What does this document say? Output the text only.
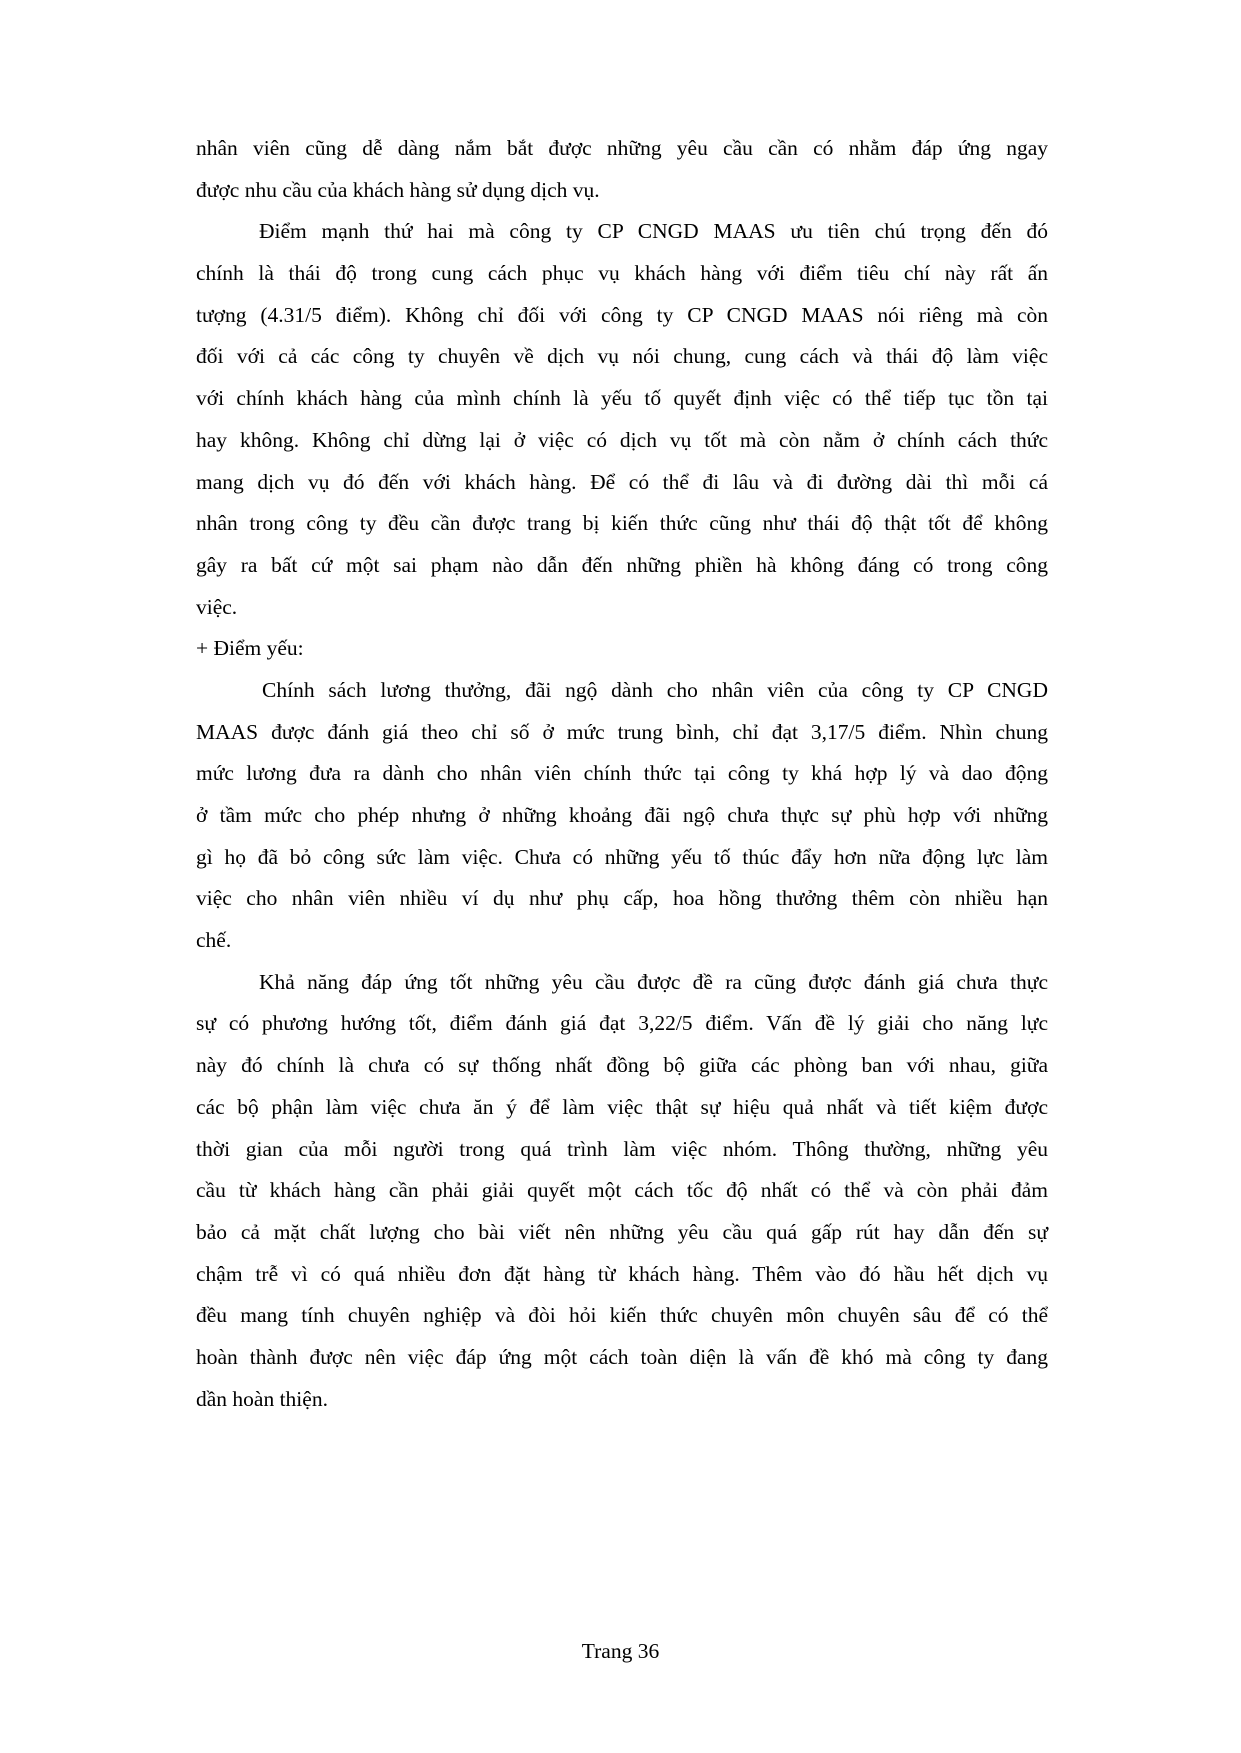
nhân viên cũng dễ dàng nắm bắt được những yêu cầu cần có nhằm đáp ứng ngay
được nhu cầu của khách hàng sử dụng dịch vụ.
Điểm mạnh thứ hai mà công ty CP CNGD MAAS ưu tiên chú trọng đến đó
chính là thái độ trong cung cách phục vụ khách hàng với điểm tiêu chí này rất ấn
tượng (4.31/5 điểm). Không chỉ đối với công ty CP CNGD MAAS nói riêng mà còn
đối với cả các công ty chuyên về dịch vụ nói chung, cung cách và thái độ làm việc
với chính khách hàng của mình chính là yếu tố quyết định việc có thể tiếp tục tồn tại
hay không. Không chỉ dừng lại ở việc có dịch vụ tốt mà còn nằm ở chính cách thức
mang dịch vụ đó đến với khách hàng. Để có thể đi lâu và đi đường dài thì mỗi cá
nhân trong công ty đều cần được trang bị kiến thức cũng như thái độ thật tốt để không
gây ra bất cứ một sai phạm nào dẫn đến những phiền hà không đáng có trong công
việc.
+ Điểm yếu:
Chính sách lương thưởng, đãi ngộ dành cho nhân viên của công ty CP CNGD
MAAS được đánh giá theo chỉ số ở mức trung bình, chỉ đạt 3,17/5 điểm. Nhìn chung
mức lương đưa ra dành cho nhân viên chính thức tại công ty khá hợp lý và dao động
ở tầm mức cho phép nhưng ở những khoảng đãi ngộ chưa thực sự phù hợp với những
gì họ đã bỏ công sức làm việc. Chưa có những yếu tố thúc đẩy hơn nữa động lực làm
việc cho nhân viên nhiều ví dụ như phụ cấp, hoa hồng thưởng thêm còn nhiều hạn
chế.
Khả năng đáp ứng tốt những yêu cầu được đề ra cũng được đánh giá chưa thực
sự có phương hướng tốt, điểm đánh giá đạt 3,22/5 điểm. Vấn đề lý giải cho năng lực
này đó chính là chưa có sự thống nhất đồng bộ giữa các phòng ban với nhau, giữa
các bộ phận làm việc chưa ăn ý để làm việc thật sự hiệu quả nhất và tiết kiệm được
thời gian của mỗi người trong quá trình làm việc nhóm. Thông thường, những yêu
cầu từ khách hàng cần phải giải quyết một cách tốc độ nhất có thể và còn phải đảm
bảo cả mặt chất lượng cho bài viết nên những yêu cầu quá gấp rút hay dẫn đến sự
chậm trễ vì có quá nhiều đơn đặt hàng từ khách hàng. Thêm vào đó hầu hết dịch vụ
đều mang tính chuyên nghiệp và đòi hỏi kiến thức chuyên môn chuyên sâu để có thể
hoàn thành được nên việc đáp ứng một cách toàn diện là vấn đề khó mà công ty đang
dần hoàn thiện.
Trang 36
